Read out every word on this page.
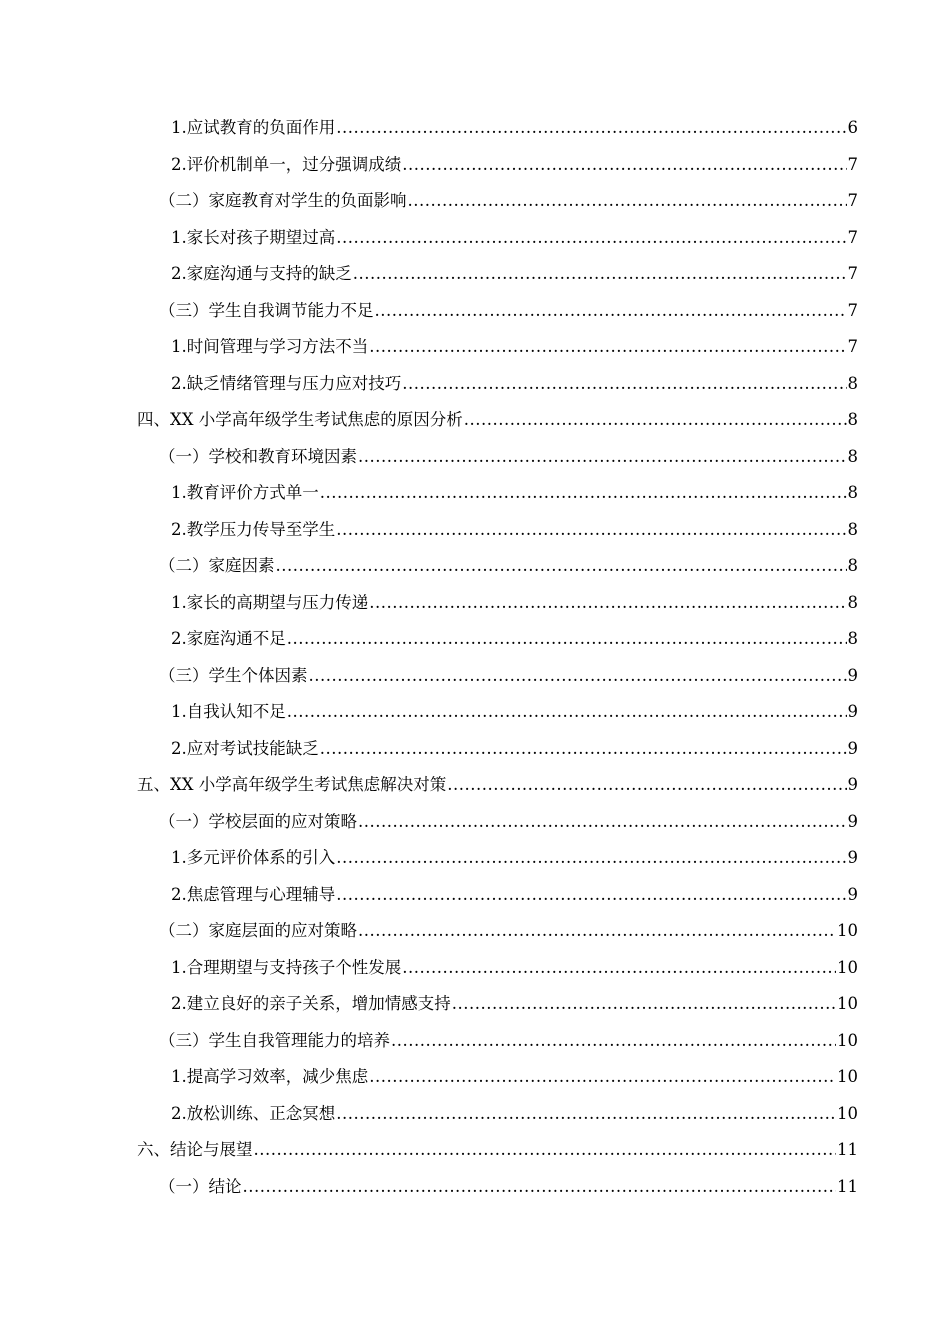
1.应试教育的负面作用 .....	6
2.评价机制单一，过分强调成绩 .....	7
（二）家庭教育对学生的负面影响 .....	7
1.家长对孩子期望过高 .....	7
2.家庭沟通与支持的缺乏 .....	7
（三）学生自我调节能力不足 .....	7
1.时间管理与学习方法不当 .....	7
2.缺乏情绪管理与压力应对技巧 .....	8
四、XX 小学高年级学生考试焦虑的原因分析 .....	8
（一）学校和教育环境因素 .....	8
1.教育评价方式单一 .....	8
2.教学压力传导至学生 .....	8
（二）家庭因素 .....	8
1.家长的高期望与压力传递 .....	8
2.家庭沟通不足 .....	8
（三）学生个体因素 .....	9
1.自我认知不足 .....	9
2.应对考试技能缺乏 .....	9
五、XX 小学高年级学生考试焦虑解决对策 .....	9
（一）学校层面的应对策略 .....	9
1.多元评价体系的引入 .....	9
2.焦虑管理与心理辅导 .....	9
（二）家庭层面的应对策略 .....	10
1.合理期望与支持孩子个性发展 .....	10
2.建立良好的亲子关系，增加情感支持 .....	10
（三）学生自我管理能力的培养 .....	10
1.提高学习效率，减少焦虑 .....	10
2.放松训练、正念冥想 .....	10
六、结论与展望 .....	11
（一）结论 .....	11
